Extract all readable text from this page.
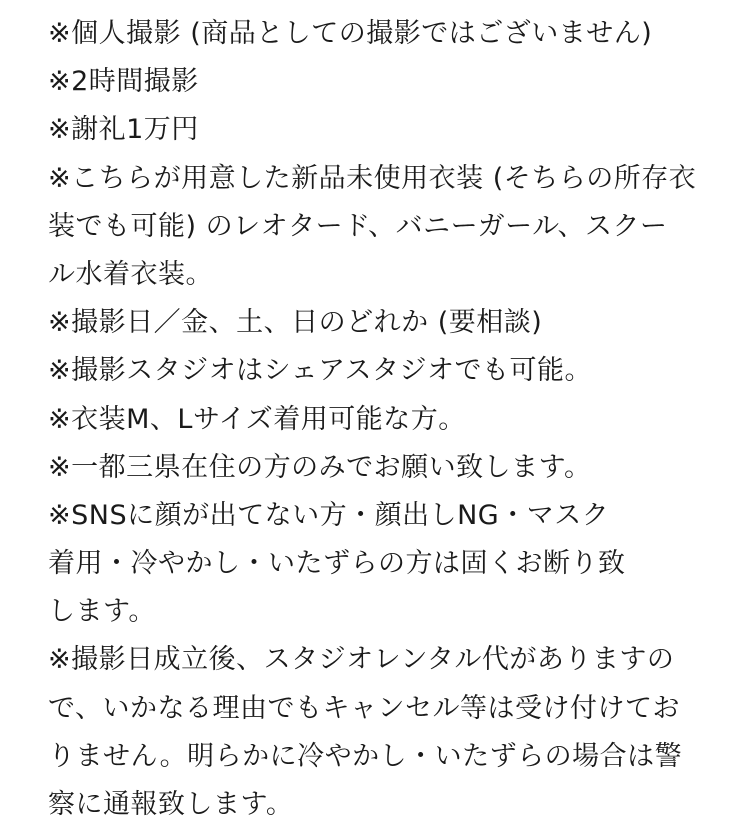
※個人撮影 (商品としての撮影ではございません)
※2時間撮影
※謝礼1万円
※こちらが用意した新品未使用衣装 (そちらの所存衣
装でも可能) のレオタード、バニーガール、スクー
ル水着衣装。
※撮影日／金、土、日のどれか (要相談)
※撮影スタジオはシェアスタジオでも可能。
※衣装M、Lサイズ着用可能な方。
※一都三県在住の方のみでお願い致します。
※SNSに顔が出てない方・顔出しNG・マスク
着用・冷やかし・いたずらの方は固くお断り致
します。
※撮影日成立後、スタジオレンタル代がありますの
で、いかなる理由でもキャンセル等は受け付けてお
りません。明らかに冷やかし・いたずらの場合は警
察に通報致します。
